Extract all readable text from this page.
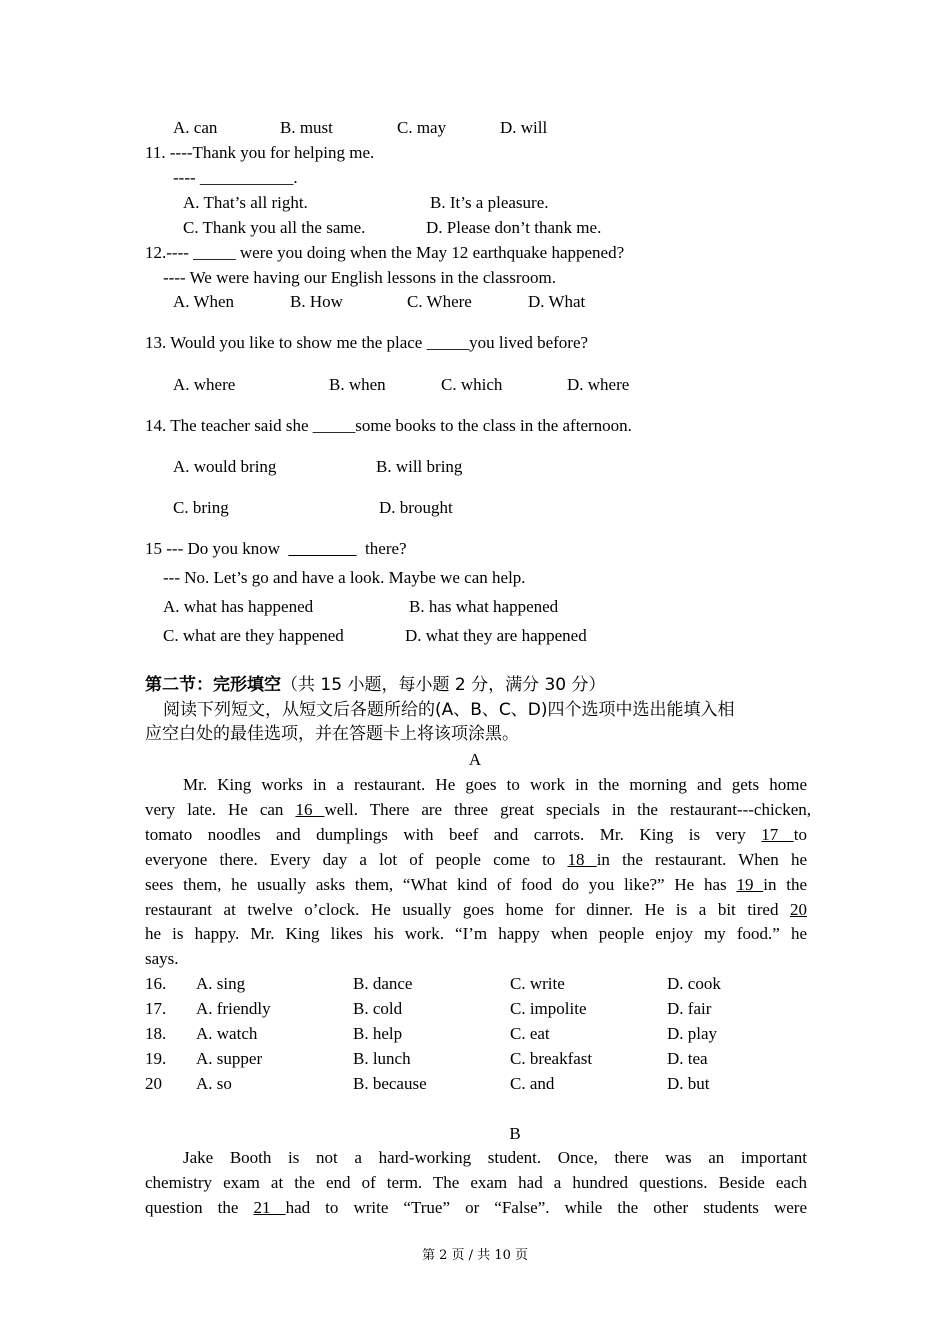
A. can	B. must	C. may	D. will
11. ----Thank you for helping me.
---- ___________.
A. That’s all right.	B. It’s a pleasure.
C. Thank you all the same.	D. Please don’t thank me.
12.---- _____ were you doing when the May 12 earthquake happened?
---- We were having our English lessons in the classroom.
A. When	B. How	C. Where	D. What
13. Would you like to show me the place _____you lived before?
A. where	B. when	C. which	D. where
14. The teacher said she _____some books to the class in the afternoon.
A. would bring	B. will bring
C. bring	D. brought
15 --- Do you know ________ there?
--- No. Let’s go and have a look. Maybe we can help.
A. what has happened	B. has what happened
C. what are they happened	D. what they are happened
第二节：完形填空（共 15 小题，每小题 2 分，满分 30 分）
阅读下列短文，从短文后各题所给的(A、B、C、D)四个选项中选出能填入相
应空白处的最佳选项，并在答题卡上将该项涂黑。
A
Mr. King works in a restaurant. He goes to work in the morning and gets home
very late. He can 16 well. There are three great specials in the restaurant---chicken,
tomato noodles and dumplings with beef and carrots. Mr. King is very 17 to
everyone there. Every day a lot of people come to 18 in the restaurant. When he
sees them, he usually asks them, “What kind of food do you like?” He has 19 in the
restaurant at twelve o’clock. He usually goes home for dinner. He is a bit tired 20
he is happy. Mr. King likes his work. “I’m happy when people enjoy my food.” he
says.
16. A. sing	B. dance	C. write	D. cook
17. A. friendly	B. cold	C. impolite	D. fair
18. A. watch	B. help	C. eat	D. play
19. A. supper	B. lunch	C. breakfast	D. tea
20 A. so	B. because	C. and	D. but
B
Jake Booth is not a hard-working student. Once, there was an important
chemistry exam at the end of term. The exam had a hundred questions. Beside each
question the 21 had to write “True” or “False”. while the other students were
第 2 页 / 共 10 页
